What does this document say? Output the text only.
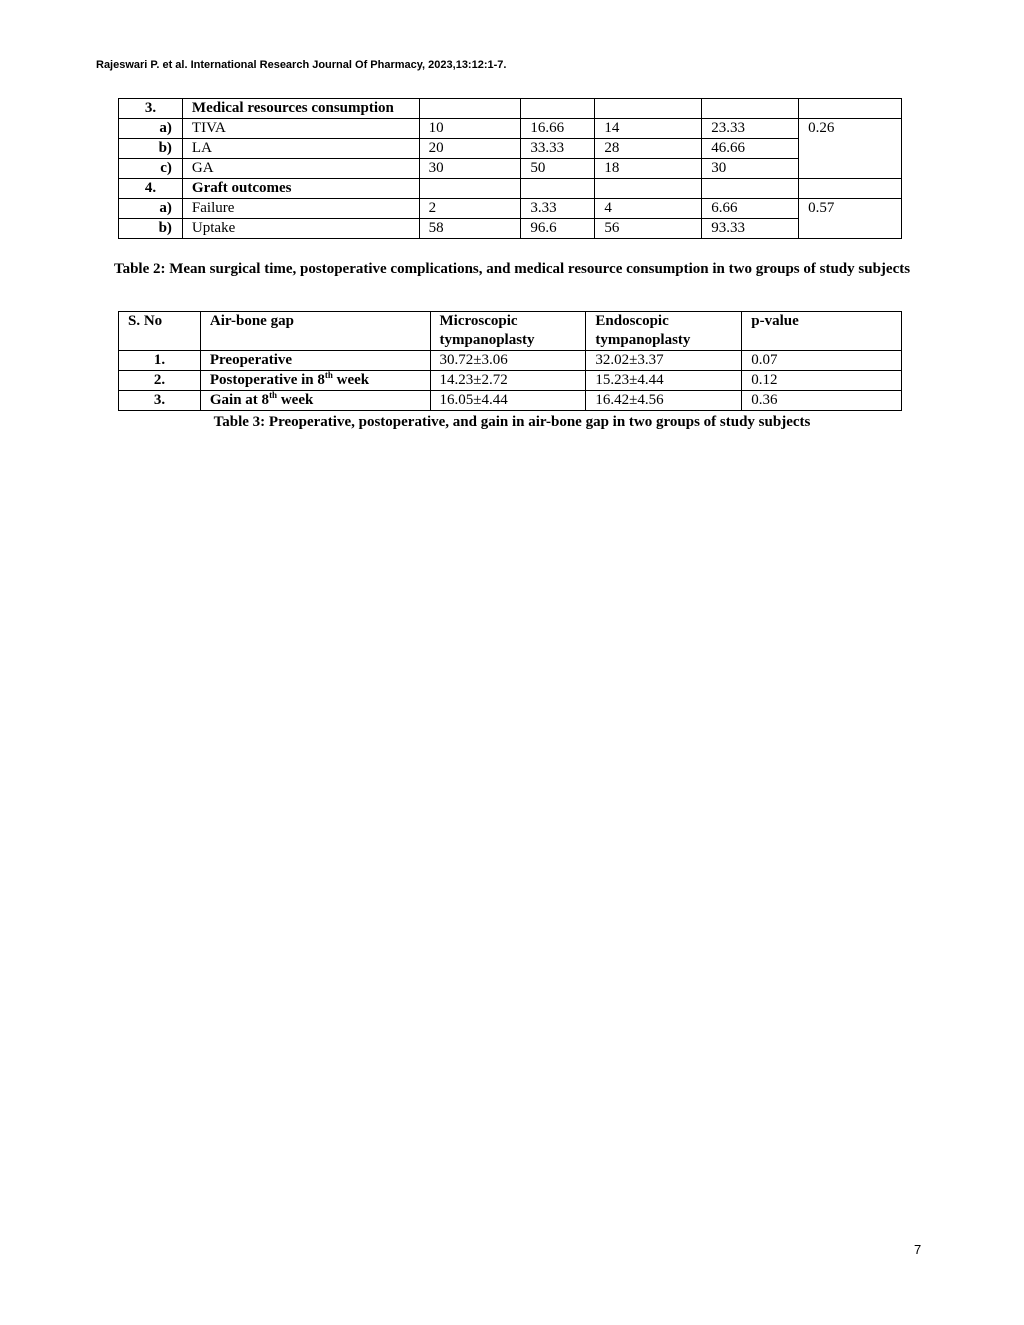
Rajeswari P. et al. International Research Journal Of Pharmacy, 2023,13:12:1-7.
3.	Medical resources consumption					
a)	TIVA	10	16.66	14	23.33	0.26
b)	LA	20	33.33	28	46.66	
c)	GA	30	50	18	30	
4.	Graft outcomes					
a)	Failure	2	3.33	4	6.66	0.57
b)	Uptake	58	96.6	56	93.33	
Table 2: Mean surgical time, postoperative complications, and medical resource consumption in two groups of study subjects
S. No	Air-bone gap	Microscopic tympanoplasty	Endoscopic tympanoplasty	p-value
1.	Preoperative	30.72±3.06	32.02±3.37	0.07
2.	Postoperative in 8th week	14.23±2.72	15.23±4.44	0.12
3.	Gain at 8th week	16.05±4.44	16.42±4.56	0.36
Table 3: Preoperative, postoperative, and gain in air-bone gap in two groups of study subjects
7
